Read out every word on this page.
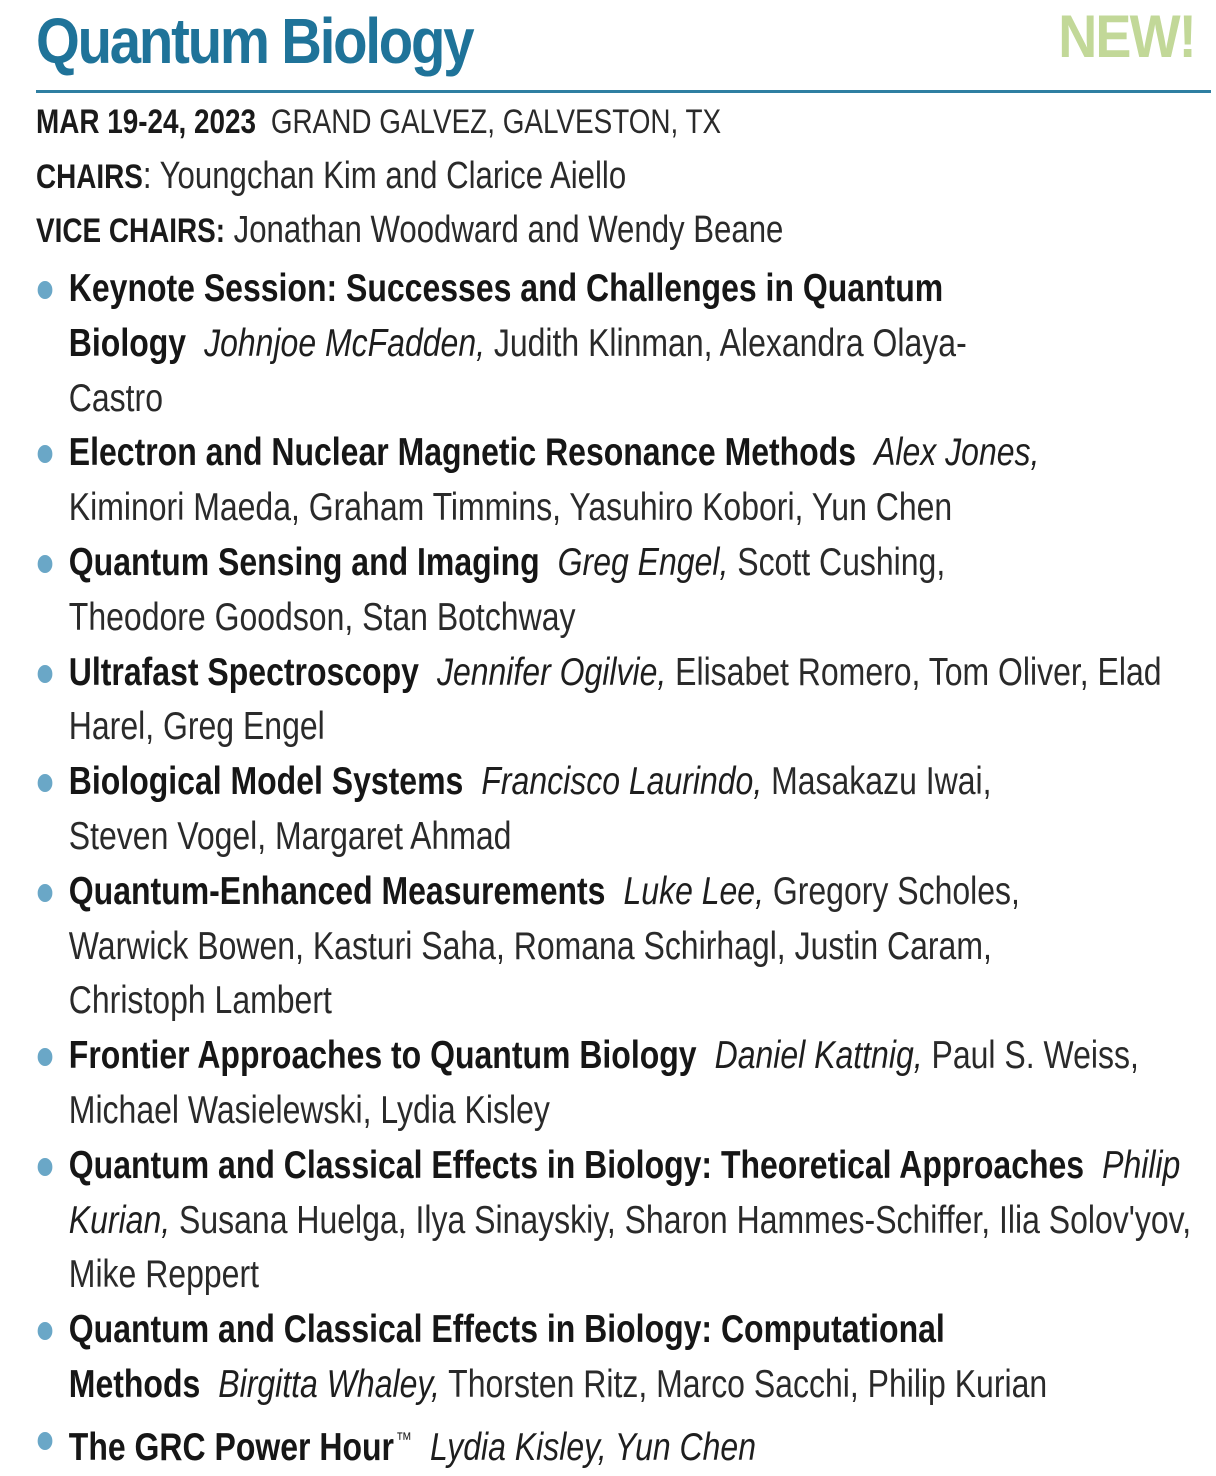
Quantum Biology	NEW!
MAR 19-24, 2023 GRAND GALVEZ, GALVESTON, TX
CHAIRS: Youngchan Kim and Clarice Aiello
VICE CHAIRS: Jonathan Woodward and Wendy Beane
Keynote Session: Successes and Challenges in Quantum Biology Johnjoe McFadden, Judith Klinman, Alexandra Olaya-Castro
Electron and Nuclear Magnetic Resonance Methods Alex Jones, Kiminori Maeda, Graham Timmins, Yasuhiro Kobori, Yun Chen
Quantum Sensing and Imaging Greg Engel, Scott Cushing, Theodore Goodson, Stan Botchway
Ultrafast Spectroscopy Jennifer Ogilvie, Elisabet Romero, Tom Oliver, Elad Harel, Greg Engel
Biological Model Systems Francisco Laurindo, Masakazu Iwai, Steven Vogel, Margaret Ahmad
Quantum-Enhanced Measurements Luke Lee, Gregory Scholes, Warwick Bowen, Kasturi Saha, Romana Schirhagl, Justin Caram, Christoph Lambert
Frontier Approaches to Quantum Biology Daniel Kattnig, Paul S. Weiss, Michael Wasielewski, Lydia Kisley
Quantum and Classical Effects in Biology: Theoretical Approaches Philip Kurian, Susana Huelga, Ilya Sinayskiy, Sharon Hammes-Schiffer, Ilia Solov'yov, Mike Reppert
Quantum and Classical Effects in Biology: Computational Methods Birgitta Whaley, Thorsten Ritz, Marco Sacchi, Philip Kurian
The GRC Power Hour™ Lydia Kisley, Yun Chen
